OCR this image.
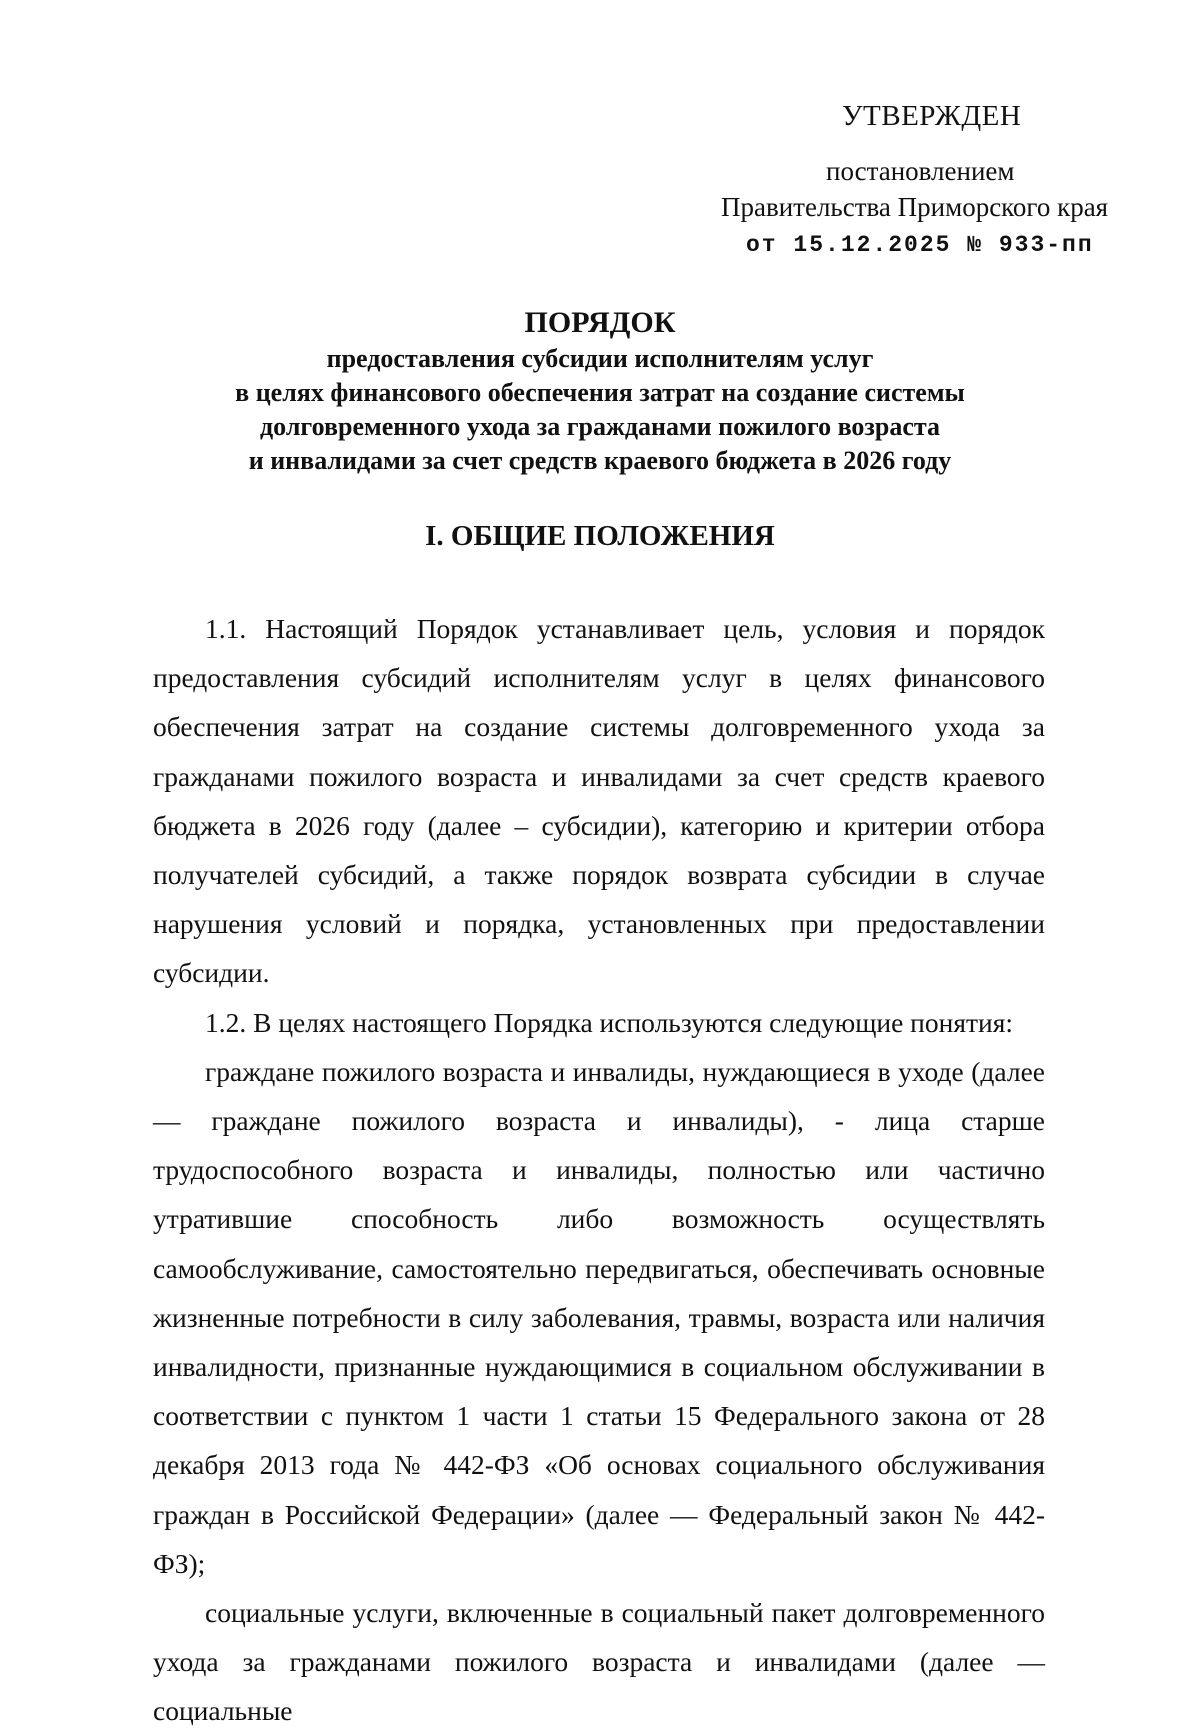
УТВЕРЖДЕН
постановлением
Правительства Приморского края
от 15.12.2025 № 933-пп
ПОРЯДОК
предоставления субсидии исполнителям услуг
в целях финансового обеспечения затрат на создание системы
долговременного ухода за гражданами пожилого возраста
и инвалидами за счет средств краевого бюджета в 2026 году
I. ОБЩИЕ ПОЛОЖЕНИЯ

1.1. Настоящий Порядок устанавливает цель, условия и порядок предоставления субсидий исполнителям услуг в целях финансового обеспечения затрат на создание системы долговременного ухода за гражданами пожилого возраста и инвалидами за счет средств краевого бюджета в 2026 году (далее – субсидии), категорию и критерии отбора получателей субсидий, а также порядок возврата субсидии в случае нарушения условий и порядка, установленных при предоставлении субсидии.

1.2. В целях настоящего Порядка используются следующие понятия:

граждане пожилого возраста и инвалиды, нуждающиеся в уходе (далее — граждане пожилого возраста и инвалиды), - лица старше трудоспособного возраста и инвалиды, полностью или частично утратившие способность либо возможность осуществлять самообслуживание, самостоятельно передвигаться, обеспечивать основные жизненные потребности в силу заболевания, травмы, возраста или наличия инвалидности, признанные нуждающимися в социальном обслуживании в соответствии с пунктом 1 части 1 статьи 15 Федерального закона от 28 декабря 2013 года № 442-ФЗ «Об основах социального обслуживания граждан в Российской Федерации» (далее — Федеральный закон № 442-ФЗ);

социальные услуги, включенные в социальный пакет долговременного ухода за гражданами пожилого возраста и инвалидами (далее — социальные
